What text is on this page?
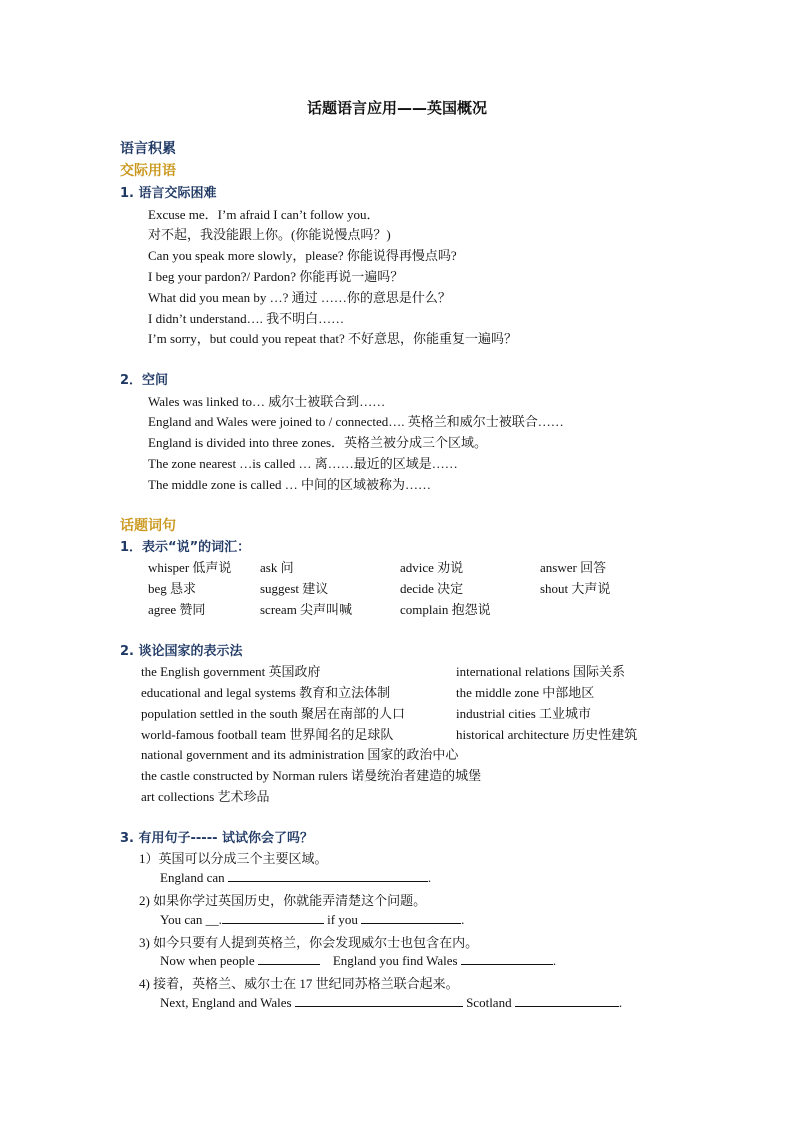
话题语言应用——英国概况
语言积累
交际用语
1. 语言交际困难
Excuse me．I’m afraid I can’t follow you．
对不起，我没能跟上你。(你能说慢点吗？)
Can you speak more slowly，please? 你能说得再慢点吗?
I beg your pardon?/ Pardon? 你能再说一遍吗？
What did you mean by …? 通过 ……你的意思是什么？
I didn’t understand…. 我不明白……
I’m sorry，but could you repeat that? 不好意思，你能重复一遍吗？
2．空间
Wales was linked to… 威尔士被联合到……
England and Wales were joined to / connected…. 英格兰和威尔士被联合……
England is divided into three zones．英格兰被分成三个区域。
The zone nearest …is called … 离……最近的区域是……
The middle zone is called … 中间的区域被称为……
话题词句
1．表示“说”的词汇：
whisper 低声说 ask 问	advice 劝说	answer 回答
beg 恳求	suggest 建议	decide 决定	shout 大声说
agree 赞同	scream 尖声叫喊	complain 抱怨说
2. 谈论国家的表示法
the English government 英国政府	international relations 国际关系
educational and legal systems 教育和立法体制	the middle zone 中部地区
population settled in the south 聚居在南部的人口	industrial cities 工业城市
world-famous football team 世界闻名的足球队	historical architecture 历史性建筑
national government and its administration 国家的政治中心
the castle constructed by Norman rulers 诺曼统治者建造的城堡
art collections 艺术珍品
3. 有用句子----- 试试你会了吗？
1）英国可以分成三个主要区域。
England can	.
2) 如果你学过英国历史，你就能弄清楚这个问题。
You can __.	if you	.
3) 如今只要有人提到英格兰，你会发现威尔士也包含在内。
Now when people	England you find Wales	.
4) 接着，英格兰、威尔士在 17 世纪同苏格兰联合起来。
Next, England and Wales	Scotland	.
